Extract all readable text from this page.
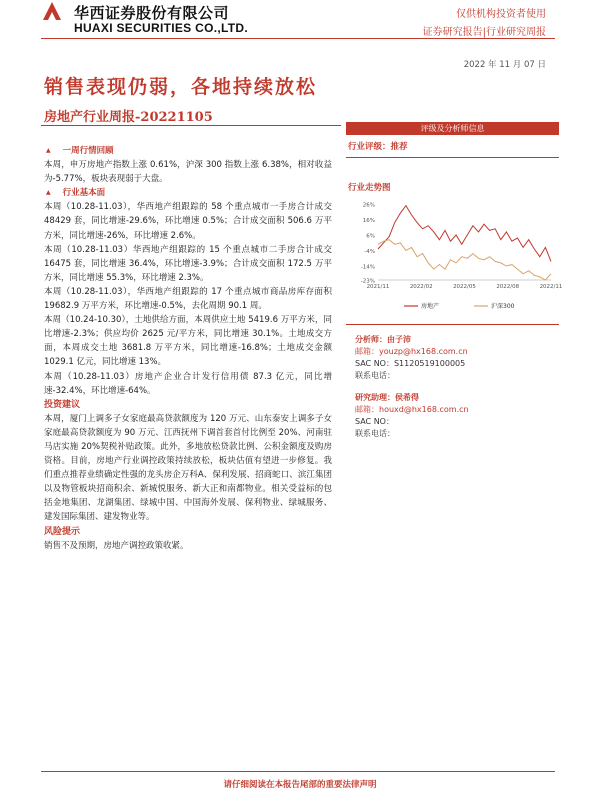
华西证券股份有限公司
HUAXI SECURITIES CO.,LTD.
仅供机构投资者使用
证券研究报告|行业研究周报
2022 年 11 月 07 日
销售表现仍弱，各地持续放松
房地产行业周报-20221105
▲ 一周行情回顾
本周，申万房地产指数上涨 0.61%，沪深 300 指数上涨 6.38%，相对收益为-5.77%，板块表现弱于大盘。
▲ 行业基本面
本周（10.28-11.03），华西地产组跟踪的 58 个重点城市一手房合计成交 48429 套，同比增速-29.6%，环比增速 0.5%；合计成交面积 506.6 万平方米，同比增速-26%，环比增速 2.6%。
本周（10.28-11.03）华西地产组跟踪的 15 个重点城市二手房合计成交 16475 套，同比增速 36.4%，环比增速-3.9%；合计成交面积 172.5 万平方米，同比增速 55.3%，环比增速 2.3%。
本周（10.28-11.03），华西地产组跟踪的 17 个重点城市商品房库存面积 19682.9 万平方米，环比增速-0.5%，去化周期 90.1 周。
本周（10.24-10.30），土地供给方面，本周供应土地 5419.6 万平方米，同比增速-2.3%；供应均价 2625 元/平方米，同比增速 30.1%。土地成交方面，本周成交土地 3681.8 万平方米，同比增速-16.8%；土地成交金额 1029.1 亿元，同比增速 13%。
本周（10.28-11.03）房地产企业合计发行信用债 87.3 亿元，同比增速-32.4%，环比增速-64%。
投资建议
本周，厦门上调多子女家庭最高贷款额度为 120 万元、山东泰安上调多子女家庭最高贷款额度为 90 万元、江西抚州下调首套首付比例至 20%、河南驻马店实施 20%契税补贴政策。此外，多地放松贷款比例、公积金额度及购房资格。目前，房地产行业调控政策持续放松，板块估值有望进一步修复。我们重点推荐业绩确定性强的龙头房企万科A、保利发展、招商蛇口、滨江集团以及物管板块招商积余、新城悦服务、新大正和南都物业。相关受益标的包括金地集团、龙湖集团、绿城中国、中国海外发展、保利物业、绿城服务、建发国际集团、建发物业等。
风险提示
销售不及预期，房地产调控政策收紧。
评级及分析师信息
行业评级：推荐
行业走势图
26%
16%
6%
-4%
-14%
-23%
2021/11	2022/02	2022/05	2022/08	2022/11
房地产	沪深300
分析师：由子沛
邮箱：youzp@hx168.com.cn
SAC NO：S1120519100005
联系电话：
研究助理：侯希得
邮箱：houxd@hx168.com.cn
SAC NO：
联系电话：
请仔细阅读在本报告尾部的重要法律声明
